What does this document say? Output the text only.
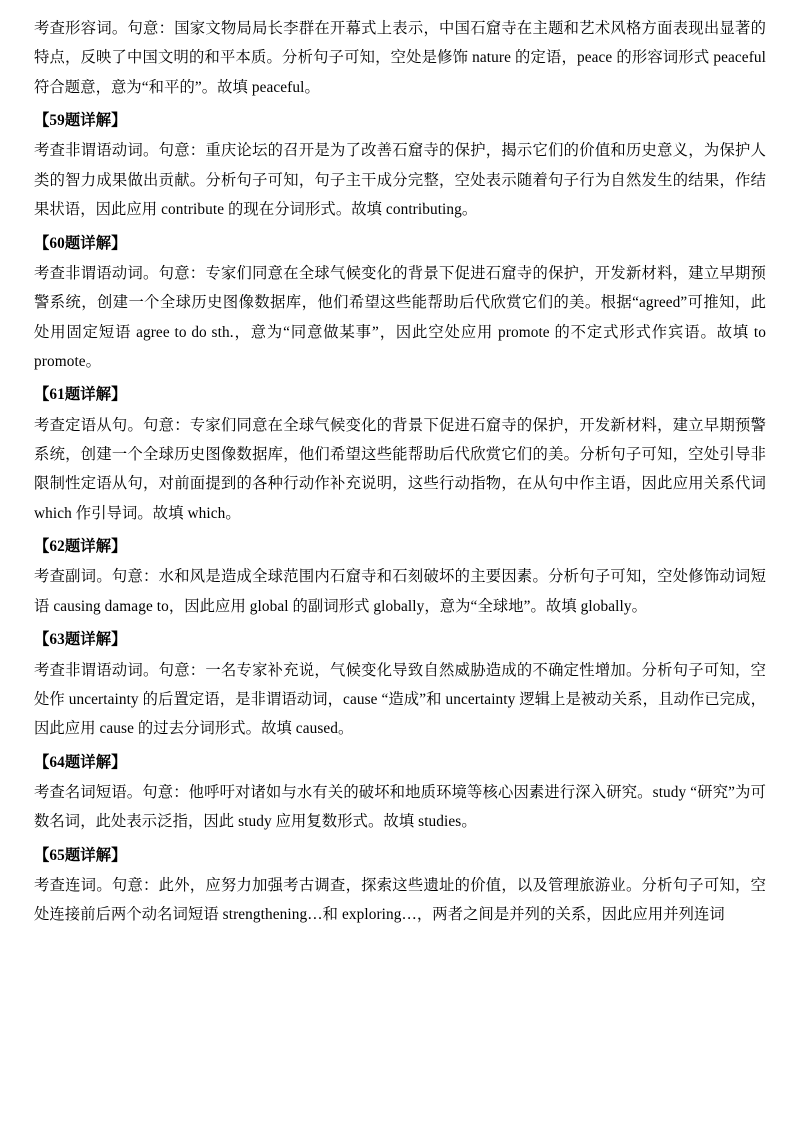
考查形容词。句意：国家文物局局长李群在开幕式上表示，中国石窟寺在主题和艺术风格方面表现出显著的特点，反映了中国文明的和平本质。分析句子可知，空处是修饰 nature 的定语，peace 的形容词形式 peaceful 符合题意，意为“和平的”。故填 peaceful。
【59题详解】
考查非谓语动词。句意：重庆论坛的召开是为了改善石窟寺的保护，揭示它们的价值和历史意义，为保护人类的智力成果做出贡献。分析句子可知，句子主干成分完整，空处表示随着句子行为自然发生的结果，作结果状语，因此应用 contribute 的现在分词形式。故填 contributing。
【60题详解】
考查非谓语动词。句意：专家们同意在全球气候变化的背景下促进石窟寺的保护，开发新材料，建立早期预警系统，创建一个全球历史图像数据库，他们希望这些能帮助后代欣赏它们的美。根据“agreed”可推知，此处用固定短语 agree to do sth.，意为“同意做某事”，因此空处应用 promote 的不定式形式作宾语。故填 to promote。
【61题详解】
考查定语从句。句意：专家们同意在全球气候变化的背景下促进石窟寺的保护，开发新材料，建立早期预警系统，创建一个全球历史图像数据库，他们希望这些能帮助后代欣赏它们的美。分析句子可知，空处引导非限制性定语从句，对前面提到的各种行动作补充说明，这些行动指物，在从句中作主语，因此应用关系代词 which 作引导词。故填 which。
【62题详解】
考查副词。句意：水和风是造成全球范围内石窟寺和石刻破坏的主要因素。分析句子可知，空处修饰动词短语 causing damage to，因此应用 global 的副词形式 globally，意为“全球地”。故填 globally。
【63题详解】
考查非谓语动词。句意：一名专家补充说，气候变化导致自然威胁造成的不确定性增加。分析句子可知，空处作 uncertainty 的后置定语，是非谓语动词，cause “造成”和 uncertainty 逻辑上是被动关系，且动作已完成，因此应用 cause 的过去分词形式。故填 caused。
【64题详解】
考查名词短语。句意：他呼吁对诸如与水有关的破坏和地质环境等核心因素进行深入研究。study “研究”为可数名词，此处表示泛指，因此 study 应用复数形式。故填 studies。
【65题详解】
考查连词。句意：此外，应努力加强考古调查，探索这些遗址的价值，以及管理旅游业。分析句子可知，空处连接前后两个动名词短语 strengthening…和 exploring…，两者之间是并列的关系，因此应用并列连词
